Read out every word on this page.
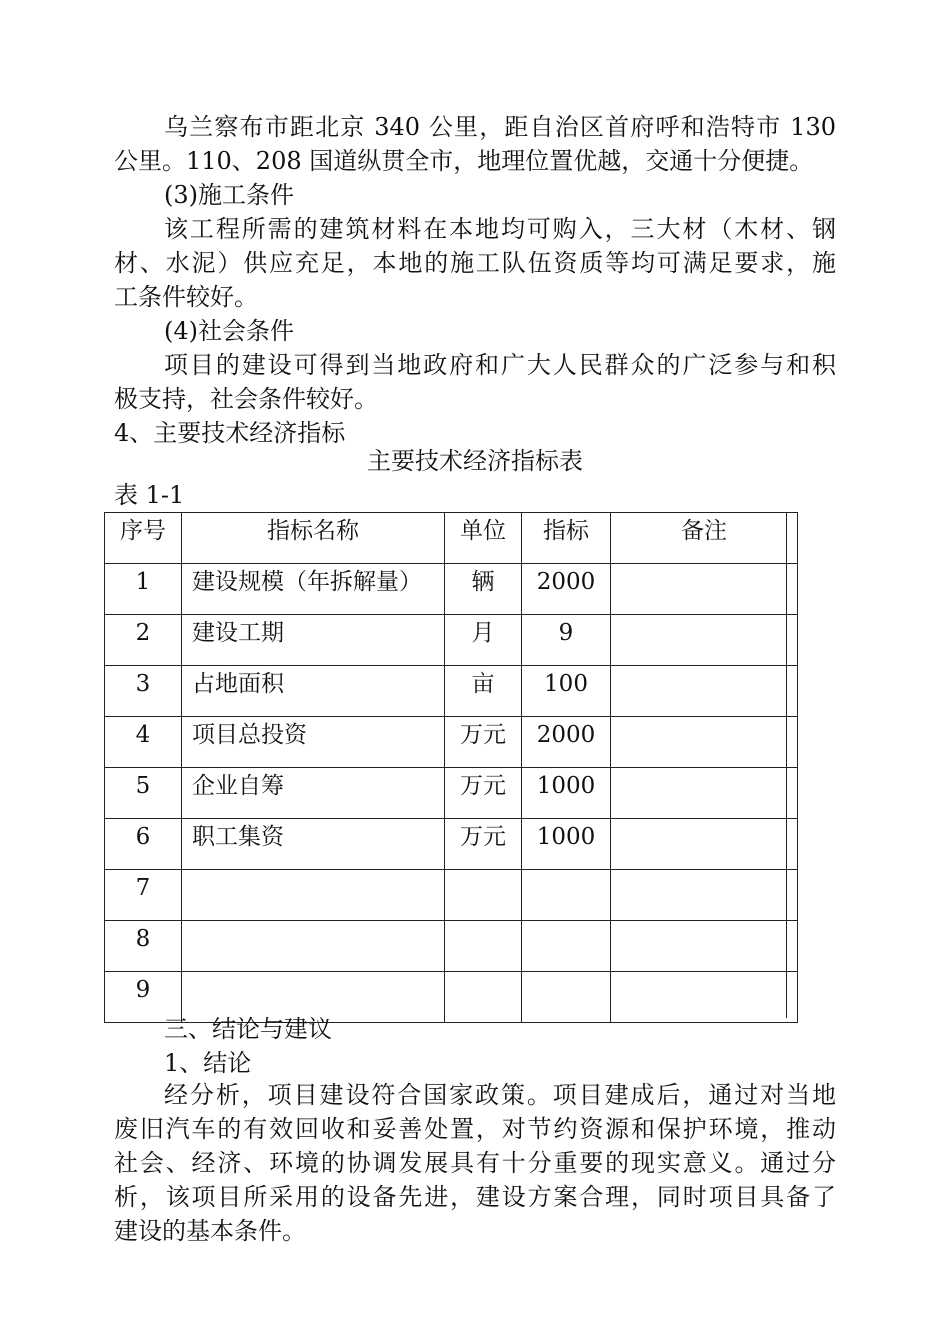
乌兰察布市距北京 340 公里，距自治区首府呼和浩特市 130
公里。110、208 国道纵贯全市，地理位置优越，交通十分便捷。
(3)施工条件
该工程所需的建筑材料在本地均可购入，三大材（木材、钢
材、水泥）供应充足，本地的施工队伍资质等均可满足要求，施
工条件较好。
(4)社会条件
项目的建设可得到当地政府和广大人民群众的广泛参与和积
极支持，社会条件较好。
4、主要技术经济指标
主要技术经济指标表
表 1-1
序号	指标名称	单位	指标	备注
1	建设规模（年拆解量）	辆	2000	
2	建设工期	月	9	
3	占地面积	亩	100	
4	项目总投资	万元	2000	
5	企业自筹	万元	1000	
6	职工集资	万元	1000	
7				
8				
9				
三、结论与建议
1、结论
经分析，项目建设符合国家政策。项目建成后，通过对当地
废旧汽车的有效回收和妥善处置，对节约资源和保护环境，推动
社会、经济、环境的协调发展具有十分重要的现实意义。通过分
析，该项目所采用的设备先进，建设方案合理，同时项目具备了
建设的基本条件。
